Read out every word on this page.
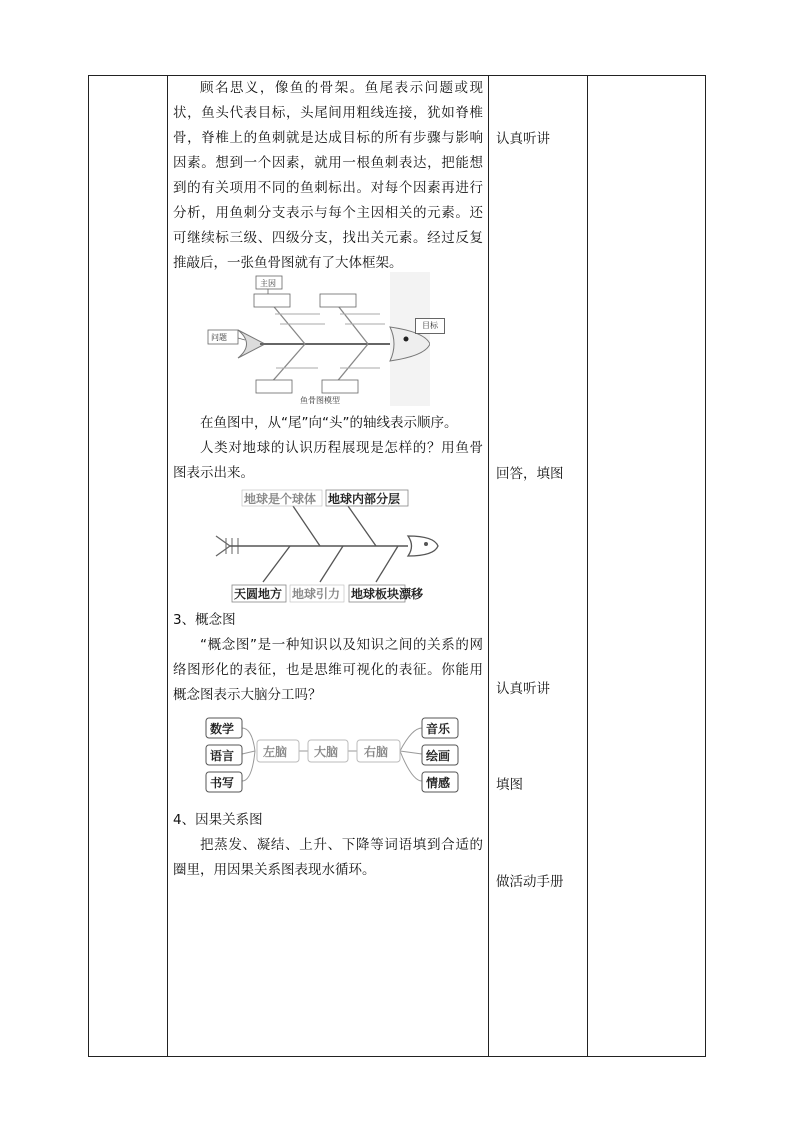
顾名思义，像鱼的骨架。鱼尾表示问题或现状，鱼头代表目标，头尾间用粗线连接，犹如脊椎骨，脊椎上的鱼刺就是达成目标的所有步骤与影响因素。想到一个因素，就用一根鱼刺表达，把能想到的有关项用不同的鱼刺标出。对每个因素再进行分析，用鱼刺分支表示与每个主因相关的元素。还可继续标三级、四级分支，找出关元素。经过反复推敲后，一张鱼骨图就有了大体框架。
主因
问题
鱼骨图模型
目标
在鱼图中，从“尾”向“头”的轴线表示顺序。
人类对地球的认识历程展现是怎样的？用鱼骨图表示出来。
地球是个球体 地球内部分层
天圆地方 地球引力 地球板块漂移
3、概念图
“概念图”是一种知识以及知识之间的关系的网络图形化的表征，也是思维可视化的表征。你能用概念图表示大脑分工吗？
数学
语言
书写
左脑 大脑 右脑
音乐
绘画
情感
4、因果关系图
把蒸发、凝结、上升、下降等词语填到合适的圈里，用因果关系图表现水循环。
认真听讲
回答，填图
认真听讲
填图
做活动手册
